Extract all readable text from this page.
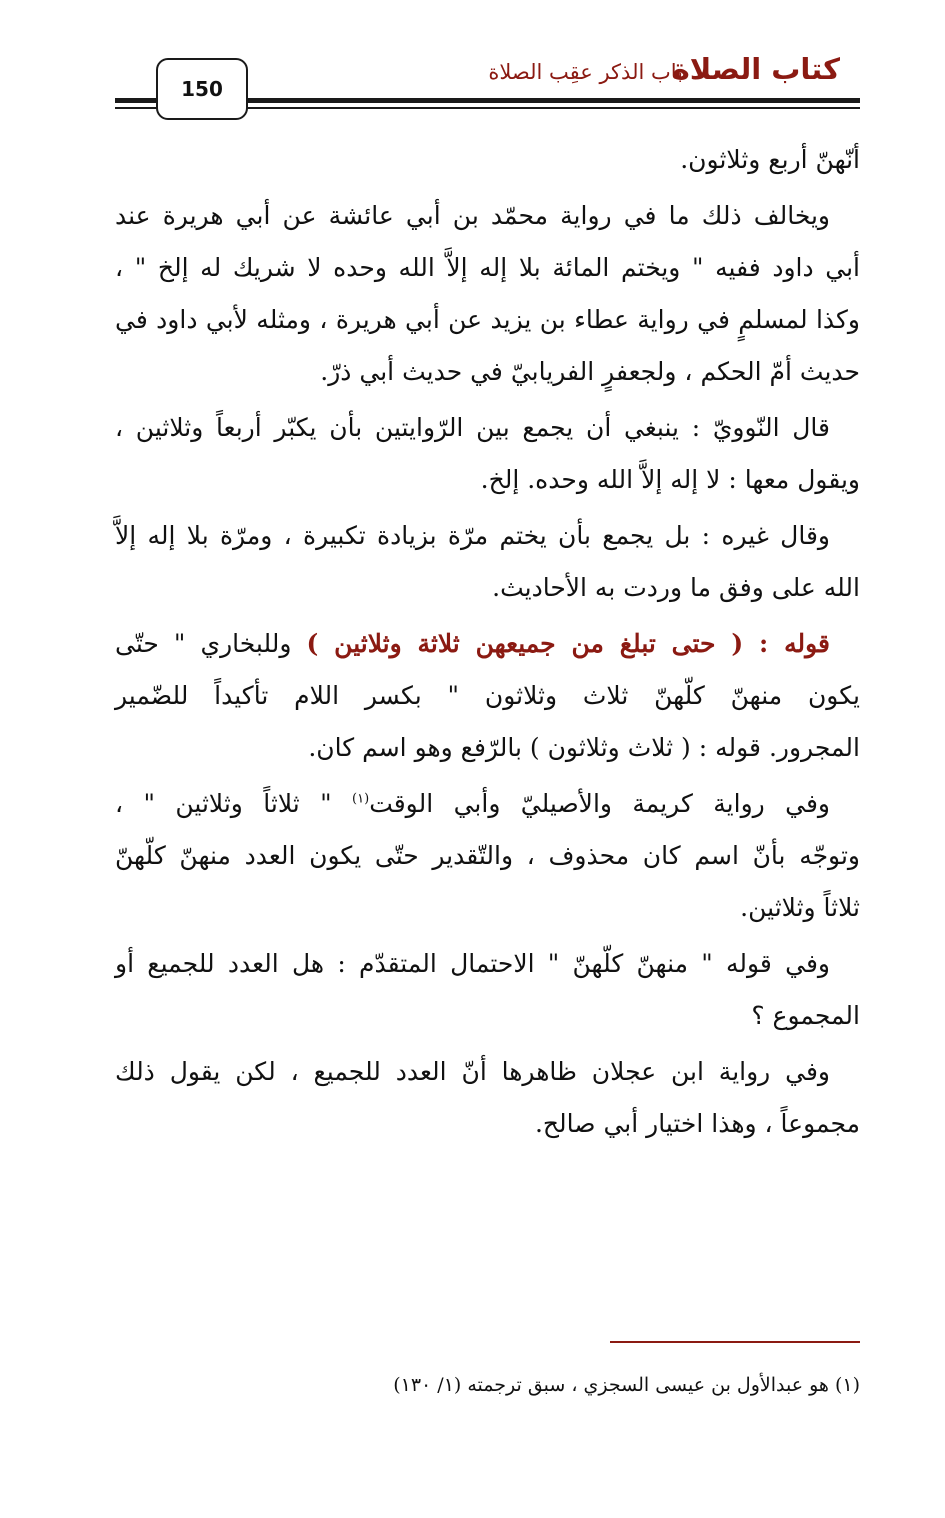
كتاب الصلاة
باب الذكر عقِب الصلاة
150
أنّهنّ أربع وثلاثون.
ويخالف ذلك ما في رواية محمّد بن أبي عائشة عن أبي هريرة عند
أبي داود ففيه " ويختم المائة بلا إله إلاَّ الله وحده لا شريك له إلخ " ،
وكذا لمسلمٍ في رواية عطاء بن يزيد عن أبي هريرة ، ومثله لأبي داود في
حديث أمّ الحكم ، ولجعفرٍ الفريابيّ في حديث أبي ذرّ.
قال النّوويّ : ينبغي أن يجمع بين الرّوايتين بأن يكبّر أربعاً وثلاثين ،
ويقول معها : لا إله إلاَّ الله وحده. إلخ.
وقال غيره : بل يجمع بأن يختم مرّة بزيادة تكبيرة ، ومرّة بلا إله إلاَّ
الله على وفق ما وردت به الأحاديث.
قوله : ( حتى تبلغ من جميعهن ثلاثة وثلاثين ) وللبخاري " حتّى
يكون منهنّ كلّهنّ ثلاث وثلاثون " بكسر اللام تأكيداً للضّمير
المجرور. قوله : ( ثلاث وثلاثون ) بالرّفع وهو اسم كان.
وفي رواية كريمة والأصيليّ وأبي الوقت$^{(١)}$ " ثلاثاً وثلاثين " ،
وتوجّه بأنّ اسم كان محذوف ، والتّقدير حتّى يكون العدد منهنّ كلّهنّ
ثلاثاً وثلاثين.
وفي قوله " منهنّ كلّهنّ " الاحتمال المتقدّم : هل العدد للجميع أو
المجموع ؟
وفي رواية ابن عجلان ظاهرها أنّ العدد للجميع ، لكن يقول ذلك
مجموعاً ، وهذا اختيار أبي صالح.
(١) هو عبدالأول بن عيسى السجزي ، سبق ترجمته (١/ ١٣٠)
